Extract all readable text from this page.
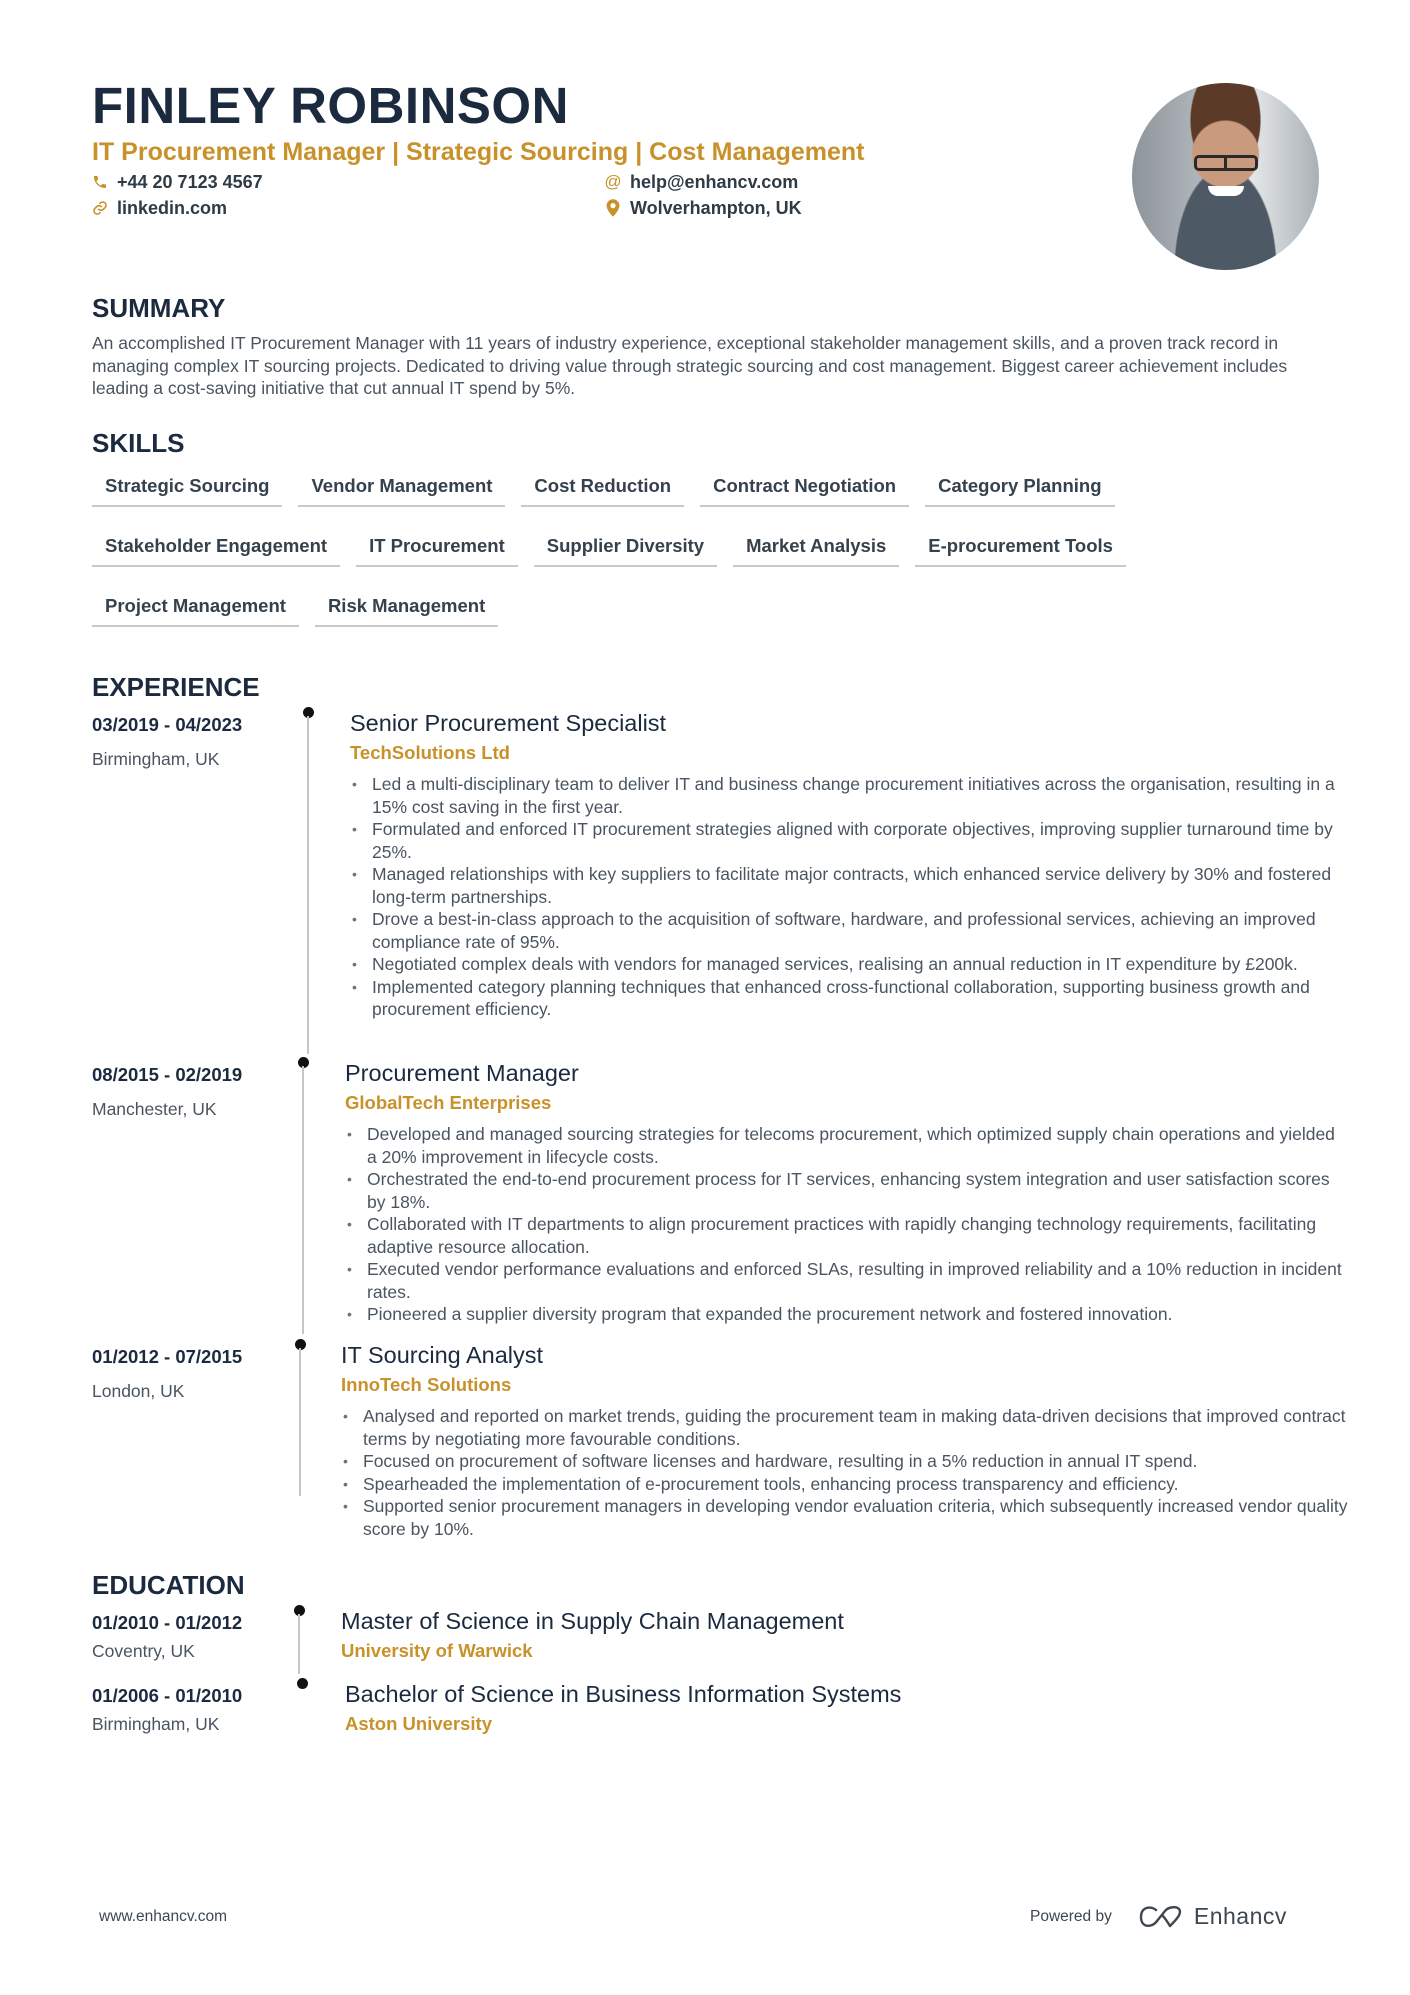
FINLEY ROBINSON
IT Procurement Manager | Strategic Sourcing | Cost Management
+44 20 7123 4567
linkedin.com
@ help@enhancv.com
Wolverhampton, UK
SUMMARY
An accomplished IT Procurement Manager with 11 years of industry experience, exceptional stakeholder management skills, and a proven track record in managing complex IT sourcing projects. Dedicated to driving value through strategic sourcing and cost management. Biggest career achievement includes leading a cost-saving initiative that cut annual IT spend by 5%.
SKILLS
Strategic Sourcing	Vendor Management	Cost Reduction	Contract Negotiation	Category Planning
Stakeholder Engagement	IT Procurement	Supplier Diversity	Market Analysis	E-procurement Tools
Project Management	Risk Management
EXPERIENCE
03/2019 - 04/2023
Birmingham, UK
Senior Procurement Specialist
TechSolutions Ltd
• Led a multi-disciplinary team to deliver IT and business change procurement initiatives across the organisation, resulting in a 15% cost saving in the first year.
• Formulated and enforced IT procurement strategies aligned with corporate objectives, improving supplier turnaround time by 25%.
• Managed relationships with key suppliers to facilitate major contracts, which enhanced service delivery by 30% and fostered long-term partnerships.
• Drove a best-in-class approach to the acquisition of software, hardware, and professional services, achieving an improved compliance rate of 95%.
• Negotiated complex deals with vendors for managed services, realising an annual reduction in IT expenditure by £200k.
• Implemented category planning techniques that enhanced cross-functional collaboration, supporting business growth and procurement efficiency.
08/2015 - 02/2019
Manchester, UK
Procurement Manager
GlobalTech Enterprises
• Developed and managed sourcing strategies for telecoms procurement, which optimized supply chain operations and yielded a 20% improvement in lifecycle costs.
• Orchestrated the end-to-end procurement process for IT services, enhancing system integration and user satisfaction scores by 18%.
• Collaborated with IT departments to align procurement practices with rapidly changing technology requirements, facilitating adaptive resource allocation.
• Executed vendor performance evaluations and enforced SLAs, resulting in improved reliability and a 10% reduction in incident rates.
• Pioneered a supplier diversity program that expanded the procurement network and fostered innovation.
01/2012 - 07/2015
London, UK
IT Sourcing Analyst
InnoTech Solutions
• Analysed and reported on market trends, guiding the procurement team in making data-driven decisions that improved contract terms by negotiating more favourable conditions.
• Focused on procurement of software licenses and hardware, resulting in a 5% reduction in annual IT spend.
• Spearheaded the implementation of e-procurement tools, enhancing process transparency and efficiency.
• Supported senior procurement managers in developing vendor evaluation criteria, which subsequently increased vendor quality score by 10%.
EDUCATION
01/2010 - 01/2012
Coventry, UK
Master of Science in Supply Chain Management
University of Warwick
01/2006 - 01/2010
Birmingham, UK
Bachelor of Science in Business Information Systems
Aston University
www.enhancv.com	Powered by	Enhancv
